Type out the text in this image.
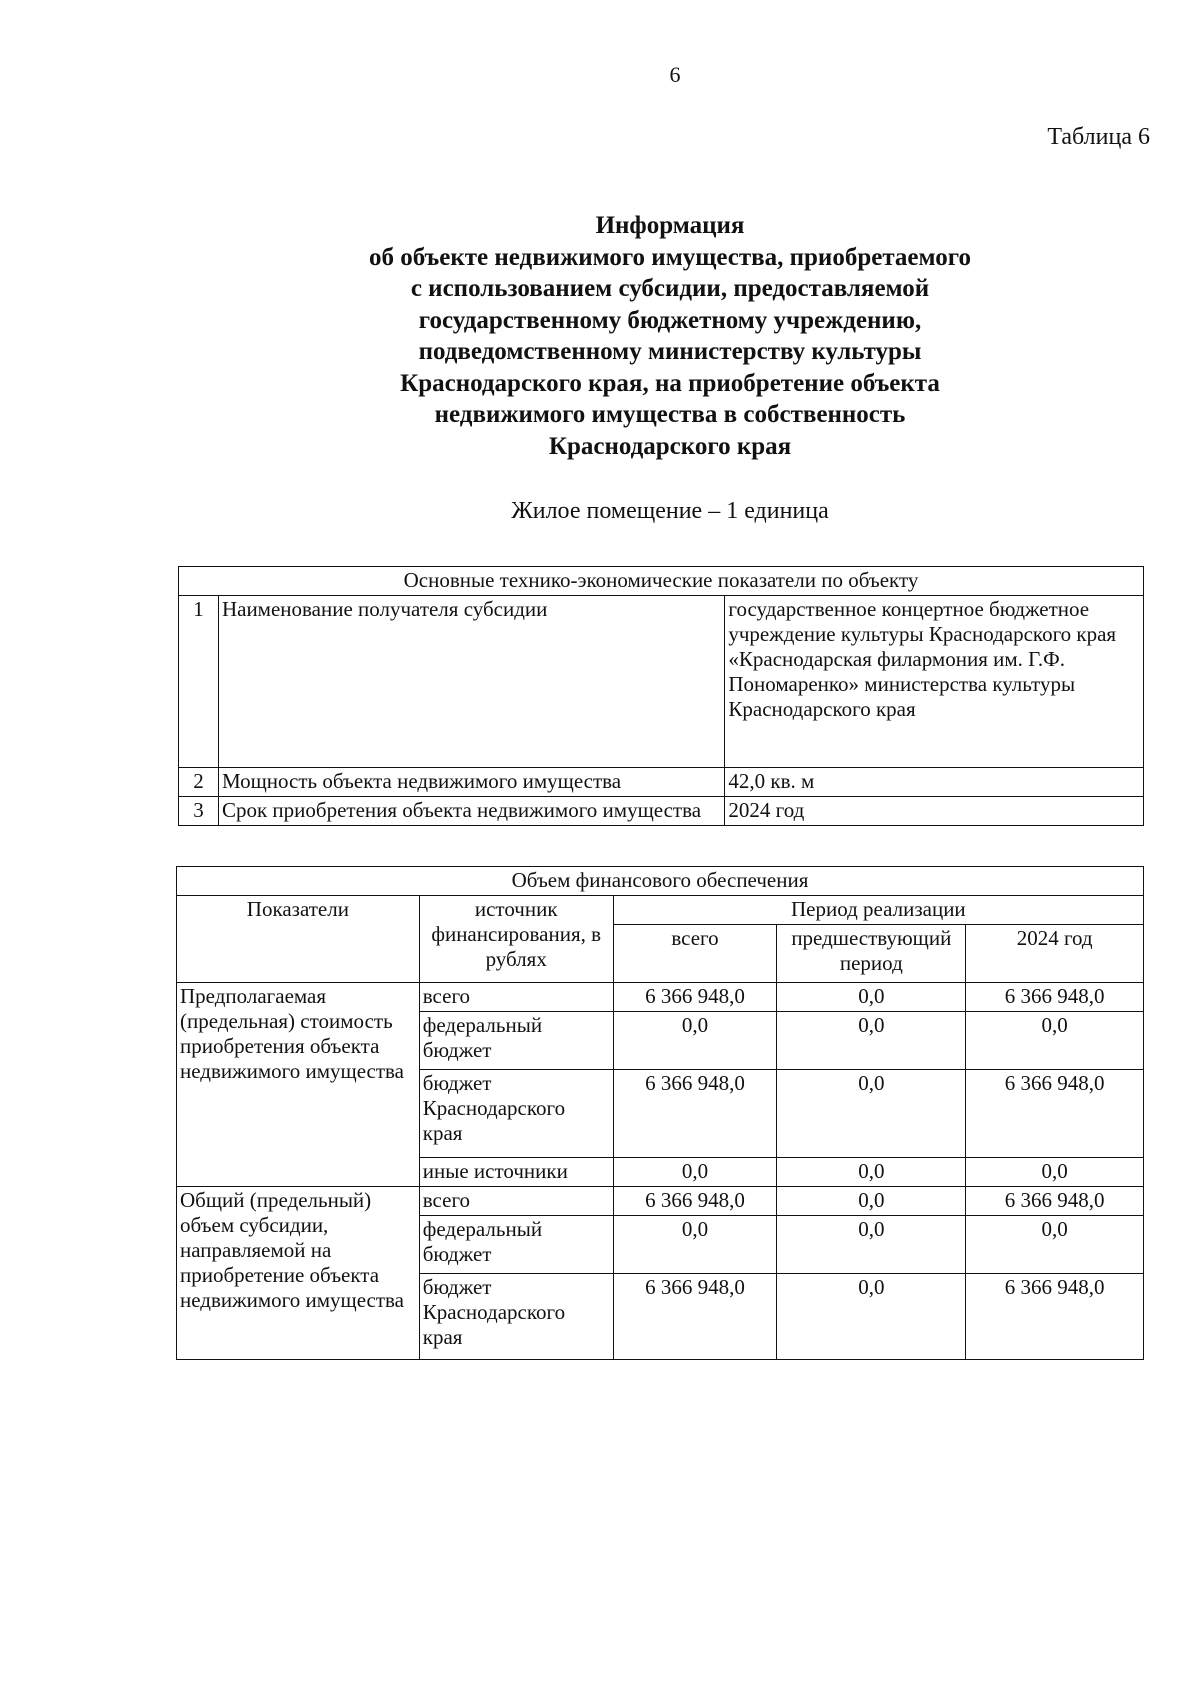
6
Таблица 6
Информация
об объекте недвижимого имущества, приобретаемого
с использованием субсидии, предоставляемой
государственному бюджетному учреждению,
подведомственному министерству культуры
Краснодарского края, на приобретение объекта
недвижимого имущества в собственность
Краснодарского края
Жилое помещение – 1 единица
Основные технико-экономические показатели по объекту		
1	Наименование получателя субсидии	государственное концертное бюджетное учреждение культуры Краснодарского края «Краснодарская филармония им. Г.Ф. Пономаренко» министерства культуры Краснодарского края
2	Мощность объекта недвижимого имущества	42,0 кв. м
3	Срок приобретения объекта недвижимого имущества	2024 год
Объем финансового обеспечения				
Показатели	источник финансирования, в рублях	Период реализации		
		всего	предшествующий период	2024 год
Предполагаемая (предельная) стоимость приобретения объекта недвижимого имущества	всего	6 366 948,0	0,0	6 366 948,0
	федеральный бюджет	0,0	0,0	0,0
	бюджет Краснодарского края	6 366 948,0	0,0	6 366 948,0
	иные источники	0,0	0,0	0,0
Общий (предельный) объем субсидии, направляемой на приобретение объекта недвижимого имущества	всего	6 366 948,0	0,0	6 366 948,0
	федеральный бюджет	0,0	0,0	0,0
	бюджет Краснодарского края	6 366 948,0	0,0	6 366 948,0
